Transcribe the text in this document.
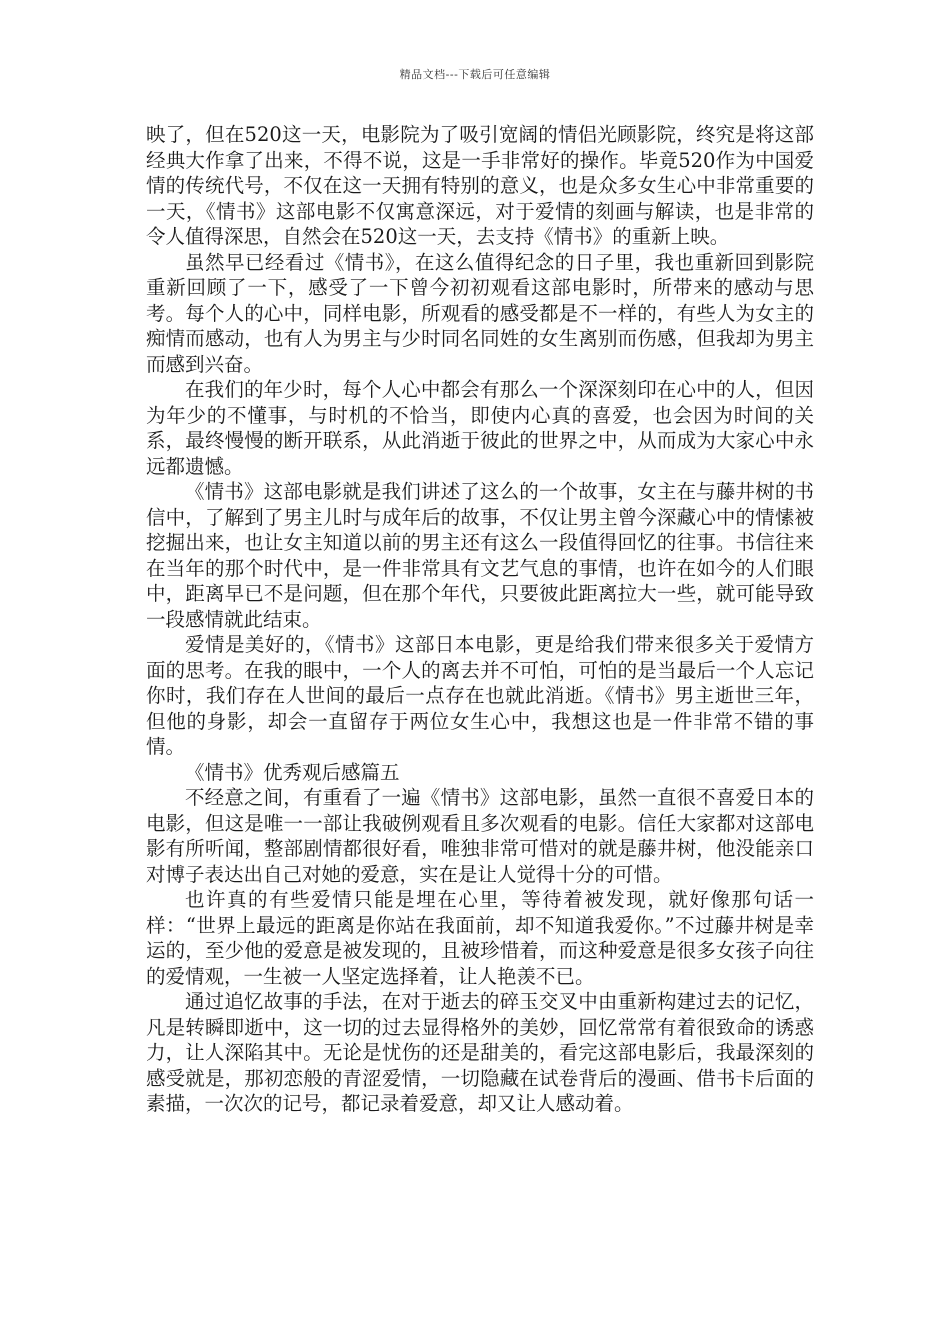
精品文档---下载后可任意编辑

映了，但在520这一天，电影院为了吸引宽阔的情侣光顾影院，终究是将这部经典大作拿了出来，不得不说，这是一手非常好的操作。毕竟520作为中国爱情的传统代号，不仅在这一天拥有特别的意义，也是众多女生心中非常重要的一天，《情书》这部电影不仅寓意深远，对于爱情的刻画与解读，也是非常的令人值得深思，自然会在520这一天，去支持《情书》的重新上映。

虽然早已经看过《情书》，在这么值得纪念的日子里，我也重新回到影院重新回顾了一下，感受了一下曾今初初观看这部电影时，所带来的感动与思考。每个人的心中，同样电影，所观看的感受都是不一样的，有些人为女主的痴情而感动，也有人为男主与少时同名同姓的女生离别而伤感，但我却为男主而感到兴奋。

在我们的年少时，每个人心中都会有那么一个深深刻印在心中的人，但因为年少的不懂事，与时机的不恰当，即使内心真的喜爱，也会因为时间的关系，最终慢慢的断开联系，从此消逝于彼此的世界之中，从而成为大家心中永远都遗憾。

《情书》这部电影就是我们讲述了这么的一个故事，女主在与藤井树的书信中，了解到了男主儿时与成年后的故事，不仅让男主曾今深藏心中的情愫被挖掘出来，也让女主知道以前的男主还有这么一段值得回忆的往事。书信往来在当年的那个时代中，是一件非常具有文艺气息的事情，也许在如今的人们眼中，距离早已不是问题，但在那个年代，只要彼此距离拉大一些，就可能导致一段感情就此结束。

爱情是美好的，《情书》这部日本电影，更是给我们带来很多关于爱情方面的思考。在我的眼中，一个人的离去并不可怕，可怕的是当最后一个人忘记你时，我们存在人世间的最后一点存在也就此消逝。《情书》男主逝世三年，但他的身影，却会一直留存于两位女生心中，我想这也是一件非常不错的事情。

《情书》优秀观后感篇五

不经意之间，有重看了一遍《情书》这部电影，虽然一直很不喜爱日本的电影，但这是唯一一部让我破例观看且多次观看的电影。信任大家都对这部电影有所听闻，整部剧情都很好看，唯独非常可惜对的就是藤井树，他没能亲口对博子表达出自己对她的爱意，实在是让人觉得十分的可惜。

也许真的有些爱情只能是埋在心里，等待着被发现，就好像那句话一样：“世界上最远的距离是你站在我面前，却不知道我爱你。”不过藤井树是幸运的，至少他的爱意是被发现的，且被珍惜着，而这种爱意是很多女孩子向往的爱情观，一生被一人坚定选择着，让人艳羡不已。

通过追忆故事的手法，在对于逝去的碎玉交叉中由重新构建过去的记忆，凡是转瞬即逝中，这一切的过去显得格外的美妙，回忆常常有着很致命的诱惑力，让人深陷其中。无论是忧伤的还是甜美的，看完这部电影后，我最深刻的感受就是，那初恋般的青涩爱情，一切隐藏在试卷背后的漫画、借书卡后面的素描，一次次的记号，都记录着爱意，却又让人感动着。
